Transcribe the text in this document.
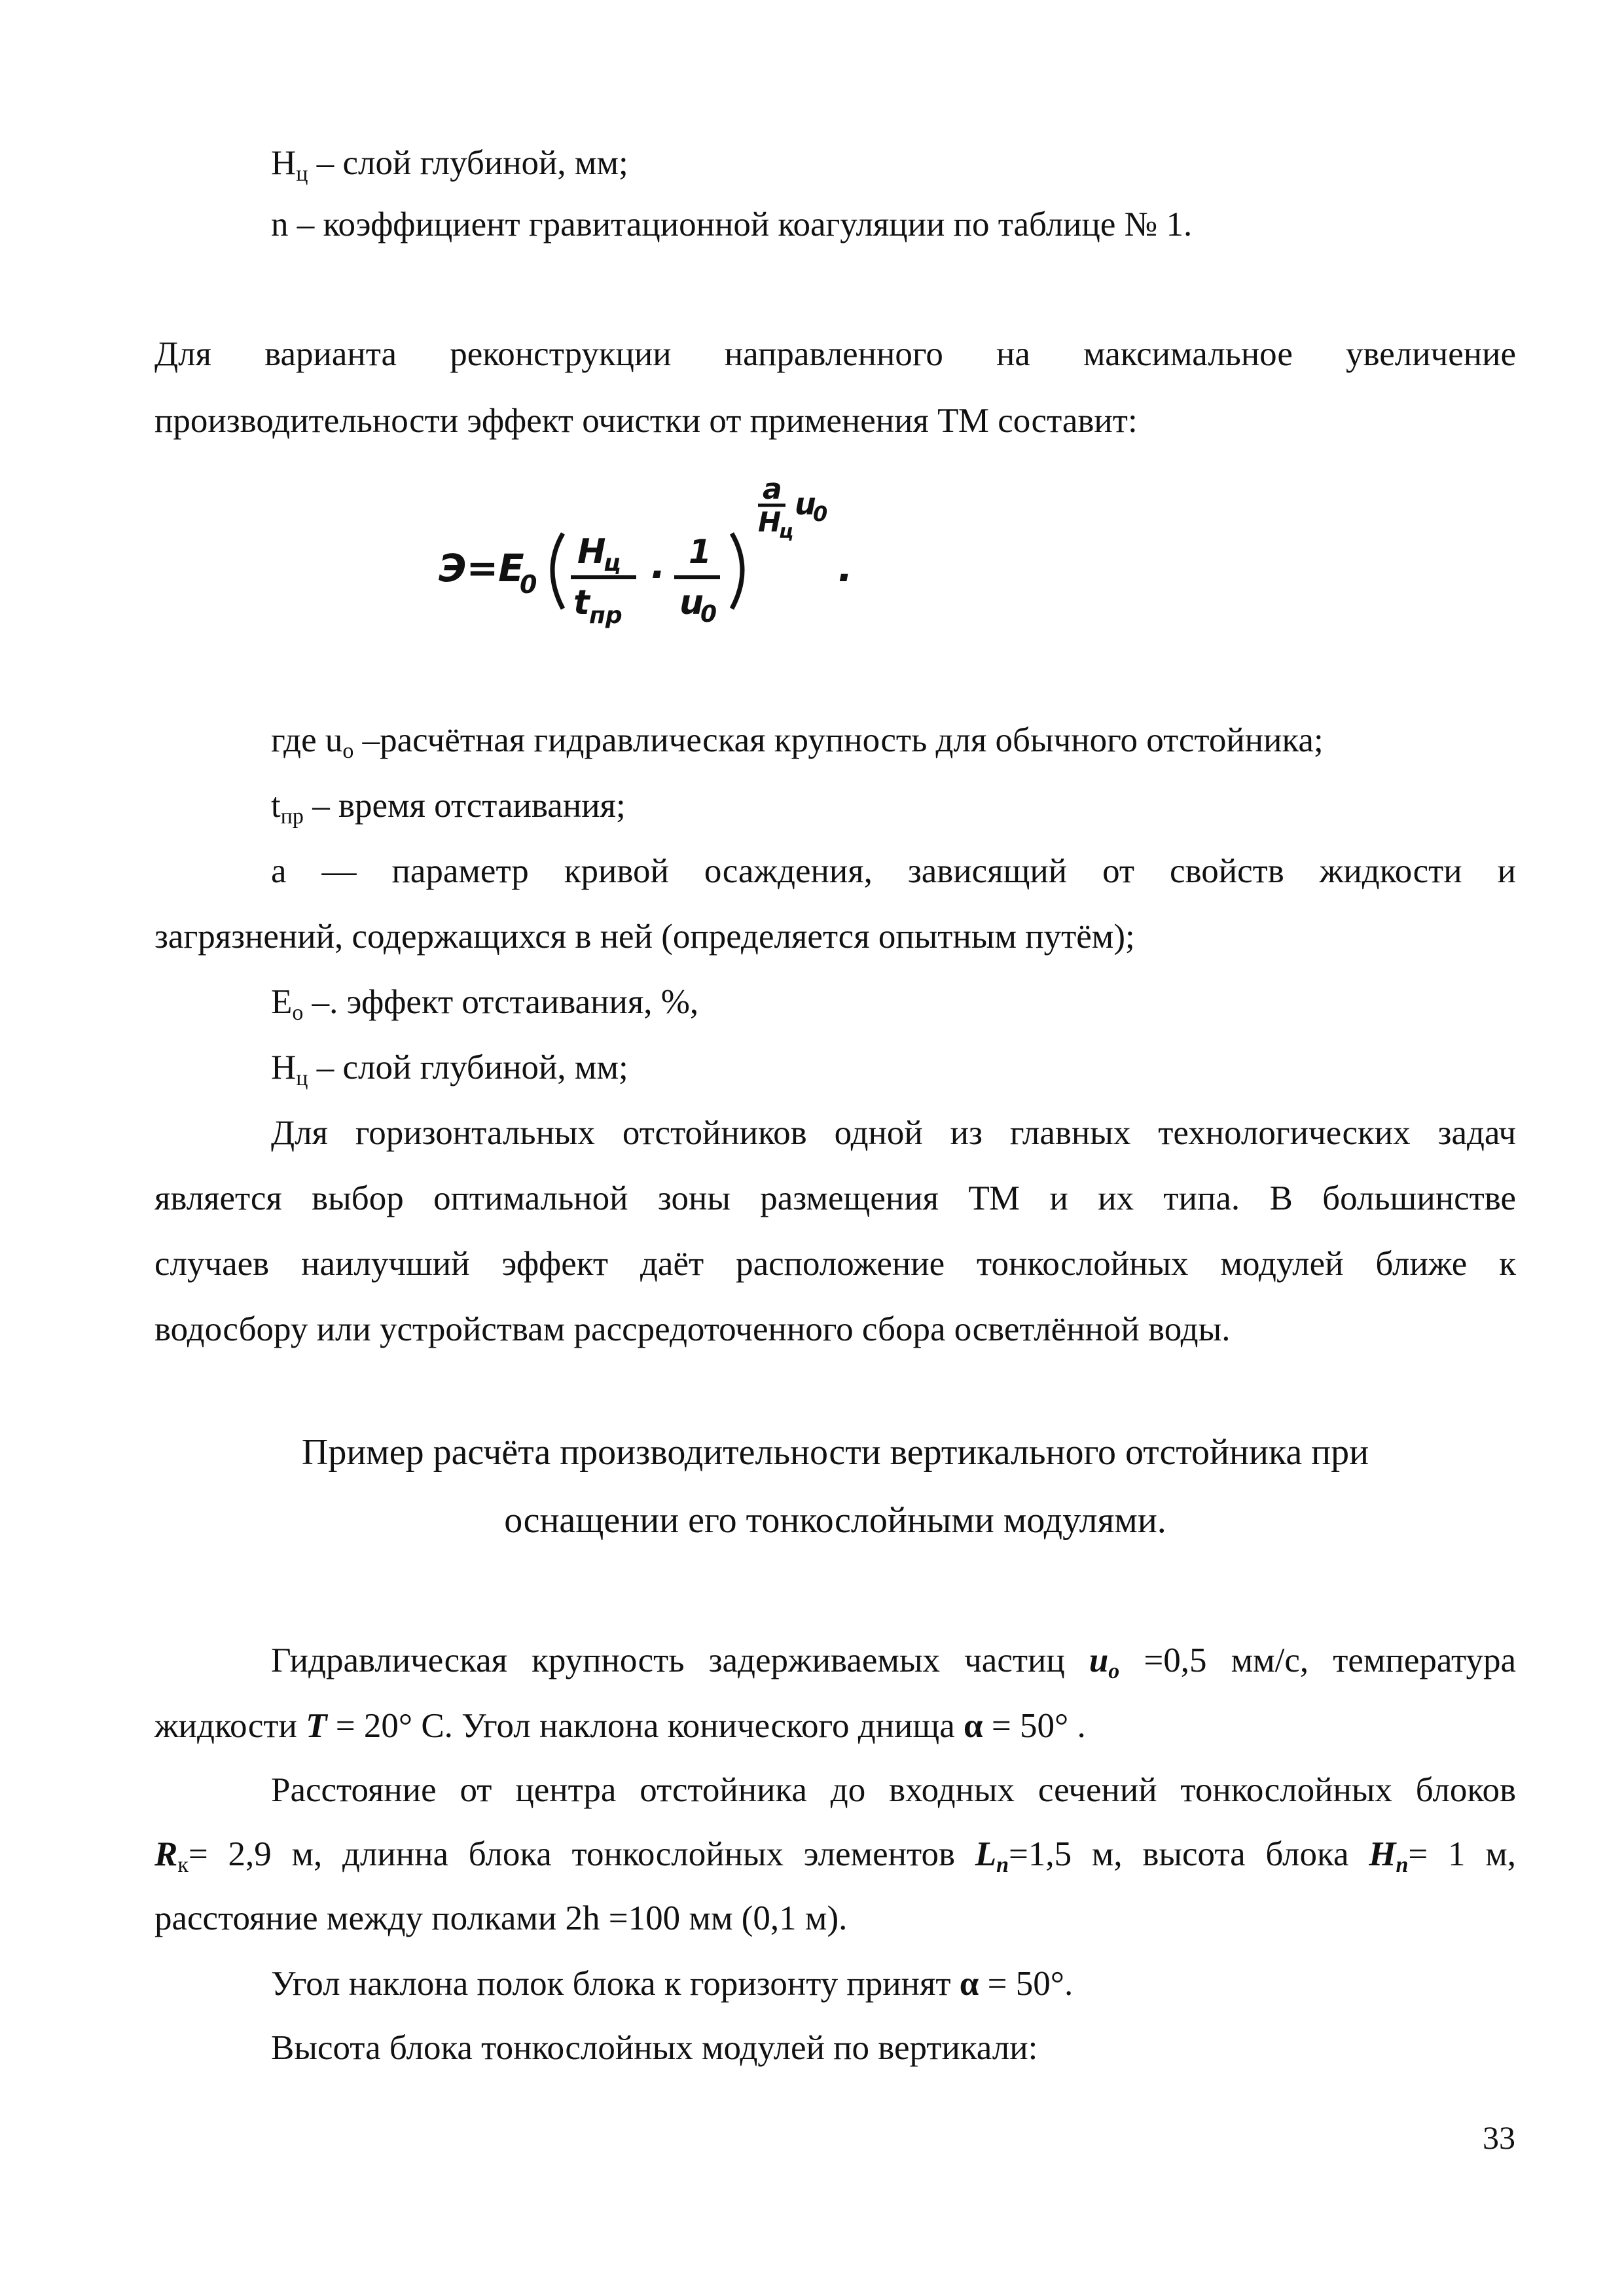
Hц – слой глубиной, мм;
n – коэффициент гравитационной коагуляции по таблице № 1.
Для варианта реконструкции направленного на максимальное увеличение
производительности эффект очистки от применения ТМ составит:
Э=E
0
H
ц
t пр
· 1
u
0
a
H
ц
u
0
.
где uо –расчётная гидравлическая крупность для обычного отстойника;
tпр – время отстаивания;
а — параметр кривой осаждения, зависящий от свойств жидкости и
загрязнений, содержащихся в ней (определяется опытным путём);
Eо –. эффект отстаивания, %,
Hц – слой глубиной, мм;
Для горизонтальных отстойников одной из главных технологических задач
является выбор оптимальной зоны размещения ТМ и их типа. В большинстве
случаев наилучший эффект даёт расположение тонкослойных модулей ближе к
водосбору или устройствам рассредоточенного сбора осветлённой воды.
Пример расчёта производительности вертикального отстойника при
оснащении его тонкослойными модулями.
Гидравлическая крупность задерживаемых частиц uo =0,5 мм/с, температура
жидкости T = 20° С. Угол наклона конического днища α = 50° .
Расстояние от центра отстойника до входных сечений тонкослойных блоков
Rк= 2,9 м, длинна блока тонкослойных элементов Lп=1,5 м, высота блока Hп= 1 м,
расстояние между полками 2h =100 мм (0,1 м).
Угол наклона полок блока к горизонту принят α = 50°.
Высота блока тонкослойных модулей по вертикали:
33
